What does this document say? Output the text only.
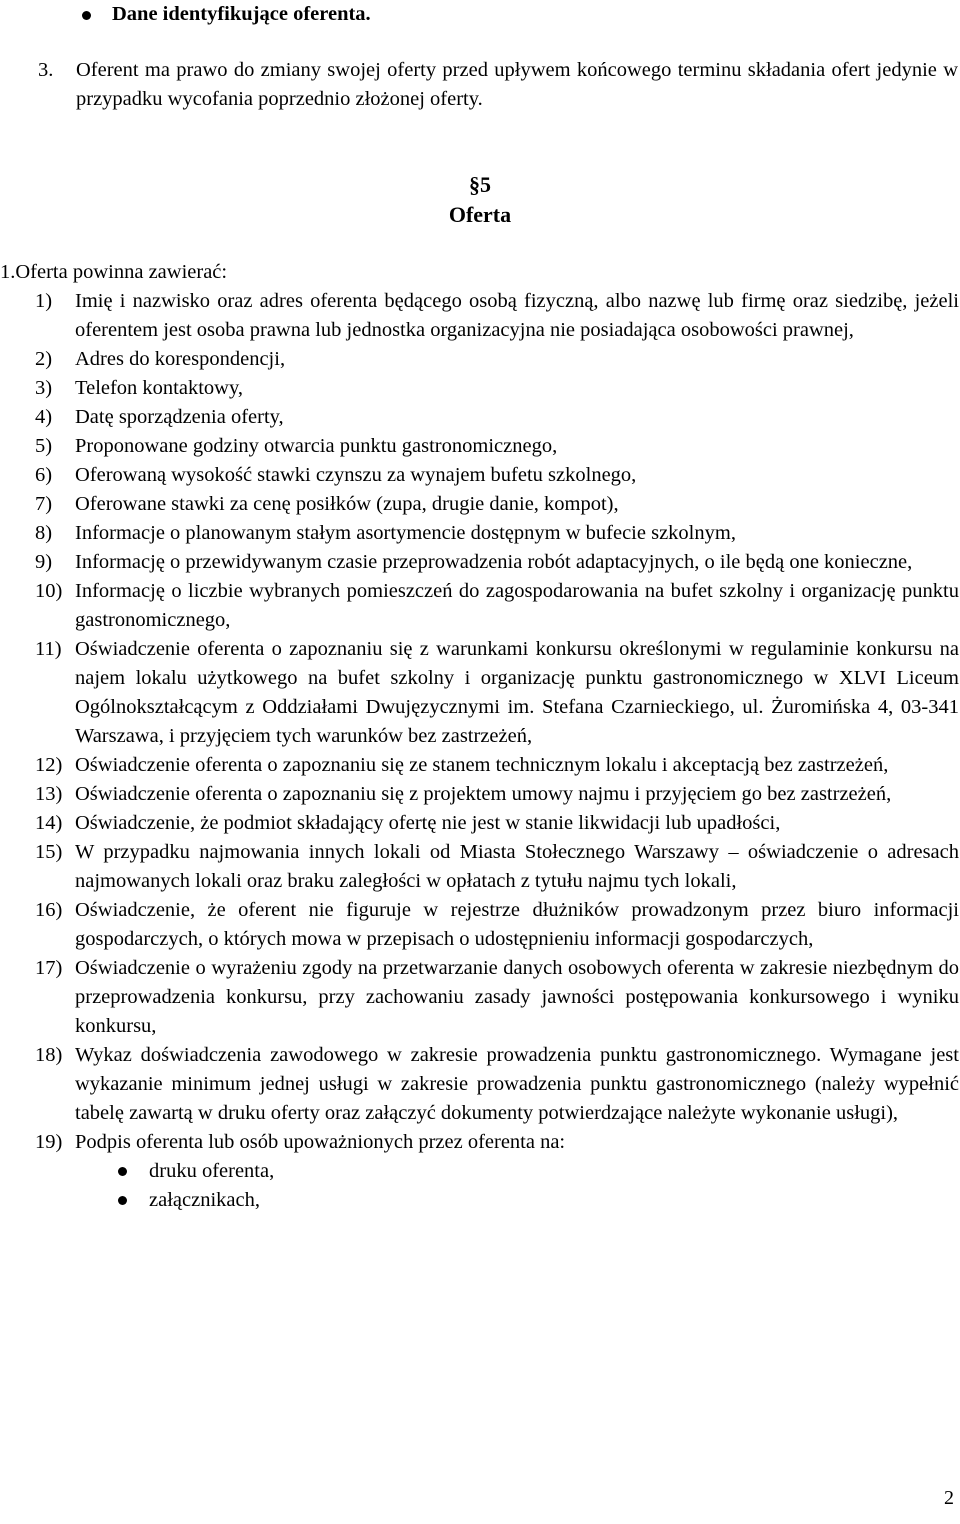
Dane identyfikujące oferenta.
3. Oferent ma prawo do zmiany swojej oferty przed upływem końcowego terminu składania ofert jedynie w przypadku wycofania poprzednio złożonej oferty.
§5
Oferta
1.Oferta powinna zawierać:
1) Imię i nazwisko oraz adres oferenta będącego osobą fizyczną, albo nazwę lub firmę oraz siedzibę, jeżeli oferentem jest osoba prawna lub jednostka organizacyjna nie posiadająca osobowości prawnej,
2) Adres do korespondencji,
3) Telefon kontaktowy,
4) Datę sporządzenia oferty,
5) Proponowane godziny otwarcia punktu gastronomicznego,
6) Oferowaną wysokość stawki czynszu za wynajem bufetu szkolnego,
7) Oferowane stawki za cenę posiłków (zupa, drugie danie, kompot),
8) Informacje o planowanym stałym asortymencie dostępnym w bufecie szkolnym,
9) Informację o przewidywanym czasie przeprowadzenia robót adaptacyjnych, o ile będą one konieczne,
10) Informację o liczbie wybranych pomieszczeń do zagospodarowania na bufet szkolny i organizację punktu gastronomicznego,
11) Oświadczenie oferenta o zapoznaniu się z warunkami konkursu określonymi w regulaminie konkursu na najem lokalu użytkowego na bufet szkolny i organizację punktu gastronomicznego w XLVI Liceum Ogólnokształcącym z Oddziałami Dwujęzycznymi im. Stefana Czarnieckiego, ul. Żuromińska 4, 03-341 Warszawa, i przyjęciem tych warunków bez zastrzeżeń,
12) Oświadczenie oferenta o zapoznaniu się ze stanem technicznym lokalu i akceptacją bez zastrzeżeń,
13) Oświadczenie oferenta o zapoznaniu się z projektem umowy najmu i przyjęciem go bez zastrzeżeń,
14) Oświadczenie, że podmiot składający ofertę nie jest w stanie likwidacji lub upadłości,
15) W przypadku najmowania innych lokali od Miasta Stołecznego Warszawy – oświadczenie o adresach najmowanych lokali oraz braku zaległości w opłatach z tytułu najmu tych lokali,
16) Oświadczenie, że oferent nie figuruje w rejestrze dłużników prowadzonym przez biuro informacji gospodarczych, o których mowa w przepisach o udostępnieniu informacji gospodarczych,
17) Oświadczenie o wyrażeniu zgody na przetwarzanie danych osobowych oferenta w zakresie niezbędnym do przeprowadzenia konkursu, przy zachowaniu zasady jawności postępowania konkursowego i wyniku konkursu,
18) Wykaz doświadczenia zawodowego w zakresie prowadzenia punktu gastronomicznego. Wymagane jest wykazanie minimum jednej usługi w zakresie prowadzenia punktu gastronomicznego (należy wypełnić tabelę zawartą w druku oferty oraz załączyć dokumenty potwierdzające należyte wykonanie usługi),
19) Podpis oferenta lub osób upoważnionych przez oferenta na:
druku oferenta,
załącznikach,
2
